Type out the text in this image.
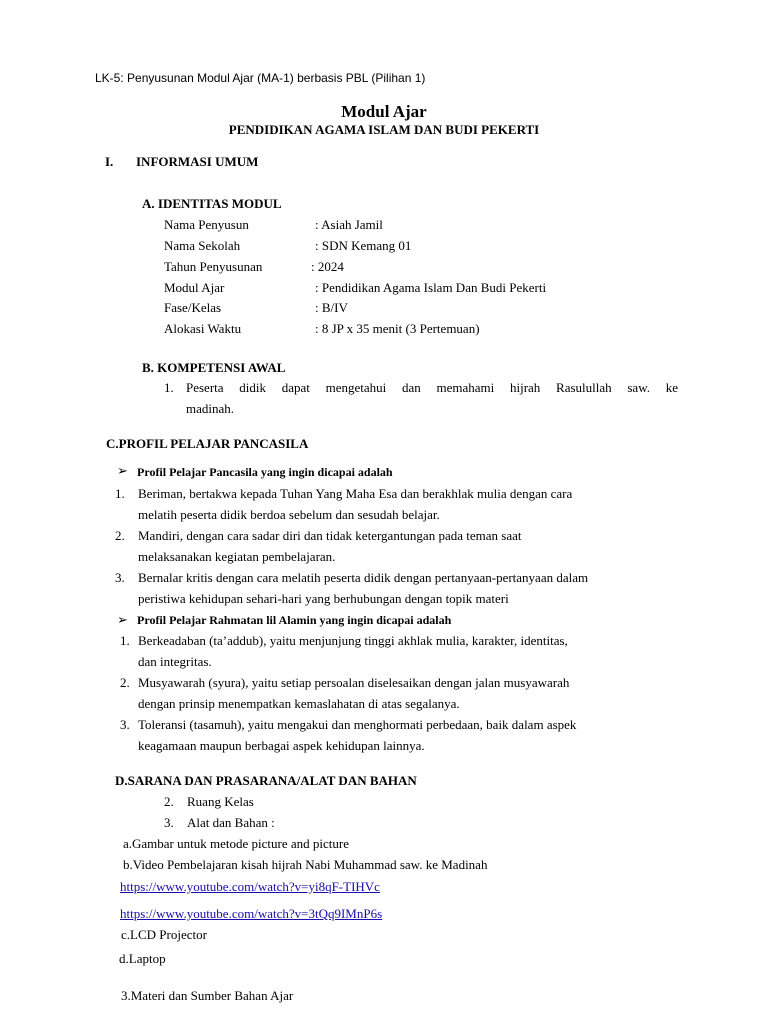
LK-5: Penyusunan Modul Ajar (MA-1) berbasis PBL (Pilihan 1)
Modul Ajar
PENDIDIKAN AGAMA ISLAM DAN BUDI PEKERTI
I. INFORMASI UMUM
A. IDENTITAS MODUL
Nama Penyusun	: Asiah Jamil
Nama Sekolah	: SDN Kemang 01
Tahun Penyusunan	: 2024
Modul Ajar	: Pendidikan Agama Islam Dan Budi Pekerti
Fase/Kelas	: B/IV
Alokasi Waktu	: 8 JP x 35 menit (3 Pertemuan)
B. KOMPETENSI AWAL
1. Peserta didik dapat mengetahui dan memahami hijrah Rasulullah saw. ke
madinah.
C.PROFIL PELAJAR PANCASILA
➢ Profil Pelajar Pancasila yang ingin dicapai adalah
1. Beriman, bertakwa kepada Tuhan Yang Maha Esa dan berakhlak mulia dengan cara
melatih peserta didik berdoa sebelum dan sesudah belajar.
2. Mandiri, dengan cara sadar diri dan tidak ketergantungan pada teman saat
melaksanakan kegiatan pembelajaran.
3. Bernalar kritis dengan cara melatih peserta didik dengan pertanyaan-pertanyaan dalam
peristiwa kehidupan sehari-hari yang berhubungan dengan topik materi
➢ Profil Pelajar Rahmatan lil Alamin yang ingin dicapai adalah
1. Berkeadaban (ta’addub), yaitu menjunjung tinggi akhlak mulia, karakter, identitas,
dan integritas.
2. Musyawarah (syura), yaitu setiap persoalan diselesaikan dengan jalan musyawarah
dengan prinsip menempatkan kemaslahatan di atas segalanya.
3. Toleransi (tasamuh), yaitu mengakui dan menghormati perbedaan, baik dalam aspek
keagamaan maupun berbagai aspek kehidupan lainnya.
D.SARANA DAN PRASARANA/ALAT DAN BAHAN
2. Ruang Kelas
3. Alat dan Bahan :
a.Gambar untuk metode picture and picture
b.Video Pembelajaran kisah hijrah Nabi Muhammad saw. ke Madinah
https://www.youtube.com/watch?v=yi8qF-TIHVc
https://www.youtube.com/watch?v=3tQq9IMnP6s
c.LCD Projector
d.Laptop
3.Materi dan Sumber Bahan Ajar
